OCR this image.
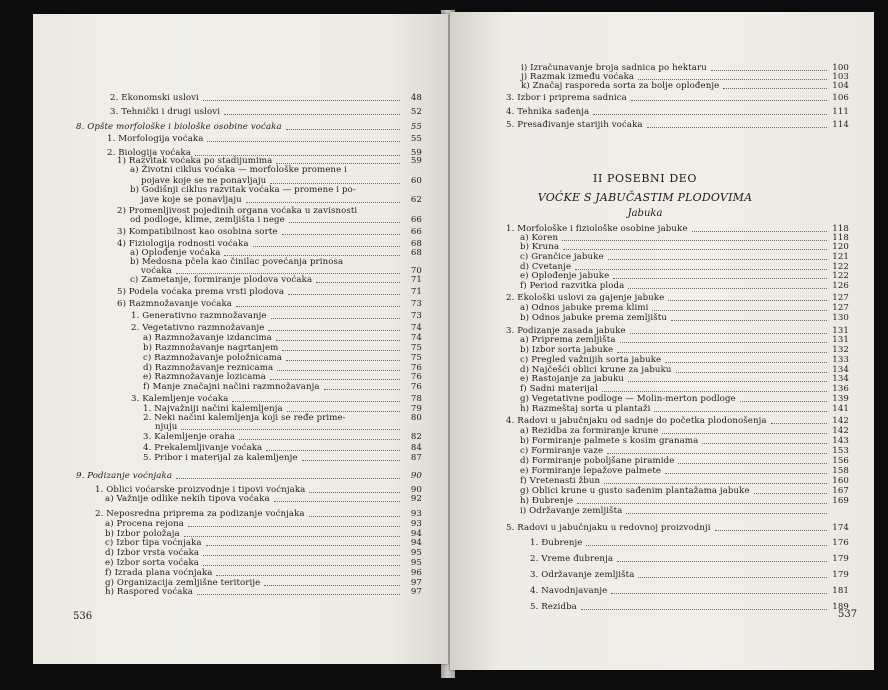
2. Ekonomski uslovi	48
3. Tehnički i drugi uslovi	52
8. Opšte morfološke i biološke osobine voćaka	55
1. Morfologija voćaka	55
2. Biologija voćaka	59
1) Razvitak voćaka po stadijumima	59
a) Životni ciklus voćaka — morfološke promene i
pojave koje se ne ponavljaju	60
b) Godišnji ciklus razvitak voćaka — promene i po-
jave koje se ponavljaju	62
2) Promenljivost pojedinih organa voćaka u zavisnosti
od podloge, klime, zemljišta i nege	66
3) Kompatibilnost kao osobina sorte	66
4) Fiziologija rodnosti voćaka	68
a) Oplođenje voćaka	68
b) Medosna pčela kao činilac povećanja prinosa
voćaka	70
c) Zametanje, formiranje plodova voćaka	71
5) Podela voćaka prema vrsti plodova	71
6) Razmnožavanje voćaka	73
1. Generativno razmnožavanje	73
2. Vegetativno razmnožavanje	74
a) Razmnožavanje izdancima	74
b) Razmnožavanje nagrtanjem	75
c) Razmnožavanje položnicama	75
d) Razmnožavanje reznicama	76
e) Razmnožavanje lozicama	76
f) Manje značajni načini razmnožavanja	76
3. Kalemljenje voćaka	78
1. Najvažniji načini kalemljenja	79
2. Neki načini kalemljenja koji se ređe prime-	80
njuju
3. Kalemljenje oraha	82
4. Prekalemljivanje voćaka	84
5. Pribor i materijal za kalemljenje	87
9. Podizanje voćnjaka	90
1. Oblici voćarske proizvodnje i tipovi voćnjaka	90
a) Važnije odlike nekih tipova voćaka	92
2. Neposredna priprema za podizanje voćnjaka	93
a) Procena rejona	93
b) Izbor položaja	94
c) Izbor tipa voćnjaka	94
d) Izbor vrsta voćaka	95
e) Izbor sorta voćaka	95
f) Izrada plana voćnjaka	96
g) Organizacija zemljišne teritorije	97
h) Raspored voćaka	97
536
i) Izračunavanje broja sadnica po hektaru	100
j) Razmak između voćaka	103
k) Značaj rasporeda sorta za bolje oplođenje	104
3. Izbor i priprema sadnica	106
4. Tehnika sađenja	111
5. Presađivanje starijih voćaka	114
II POSEBNI DEO
VOĆKE S JABUČASTIM PLODOVIMA
Jabuka
1. Morfološke i fiziološke osobine jabuke	118
a) Koren	118
b) Kruna	120
c) Grančice jabuke	121
d) Cvetanje	122
e) Oplođenje jabuke	122
f) Period razvitka ploda	126
2. Ekološki uslovi za gajenje jabuke	127
a) Odnos jabuke prema klimi	127
b) Odnos jabuke prema zemljištu	130
3. Podizanje zasada jabuke	131
a) Priprema zemljišta	131
b) Izbor sorta jabuke	132
c) Pregled važnijih sorta jabuke	133
d) Najčešći oblici krune za jabuku	134
e) Rastojanje za jabuku	134
f) Sadni materijal	136
g) Vegetativne podloge — Molin-merton podloge	139
h) Razmeštaj sorta u plantaži	141
4. Radovi u jabučnjaku od sadnje do početka plodonošenja	142
a) Rezidba za formiranje krune	142
b) Formiranje palmete s kosim granama	143
c) Formiranje vaze	153
d) Formiranje poboljšane piramide	156
e) Formiranje lepažove palmete	158
f) Vretenasti žbun	160
g) Oblici krune u gusto sađenim plantažama jabuke	167
h) Đubrenje	169
i) Održavanje zemljišta
5. Radovi u jabučnjaku u redovnoj proizvodnji	174
1. Đubrenje	176
2. Vreme đubrenja	179
3. Održavanje zemljišta	179
4. Navodnjavanje	181
5. Rezidba	189
537
